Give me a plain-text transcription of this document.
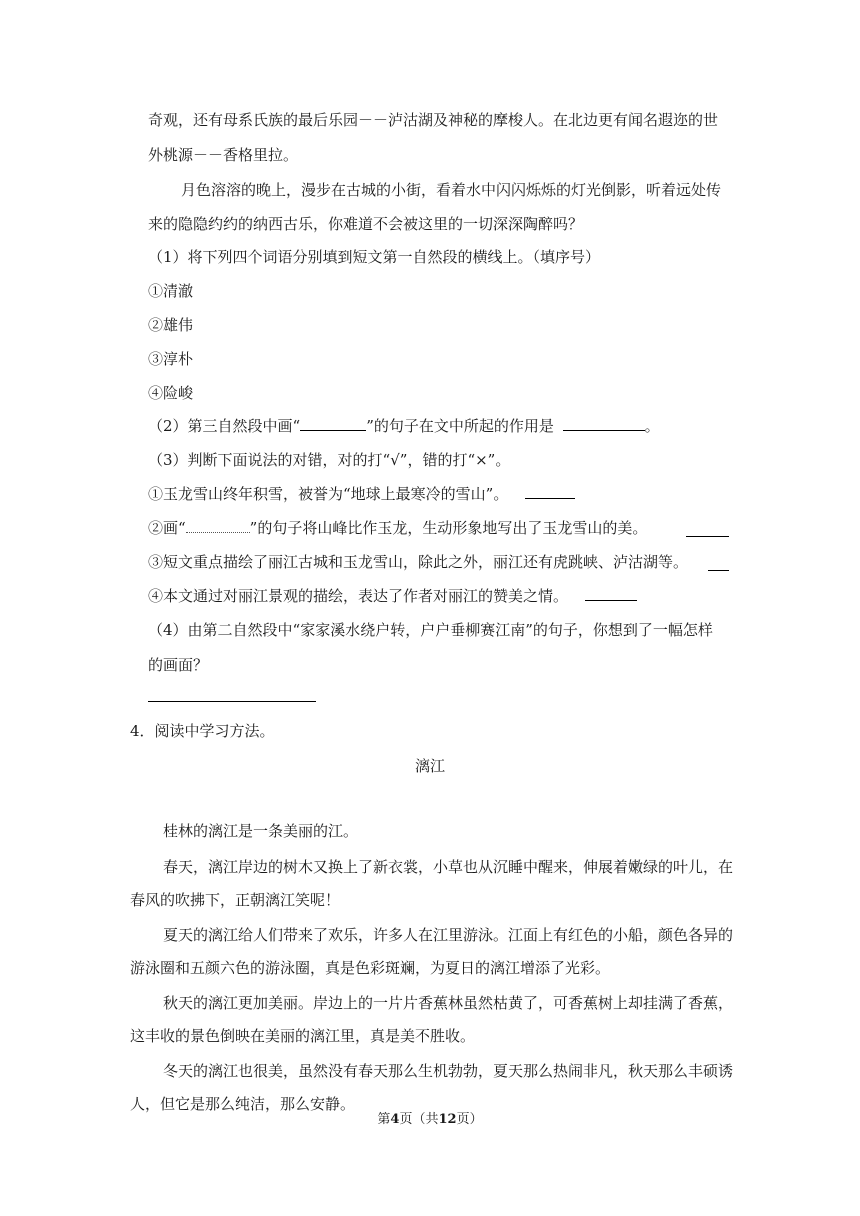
奇观，还有母系氏族的最后乐园－－泸沽湖及神秘的摩梭人。在北边更有闻名遐迩的世
外桃源－－香格里拉。
月色溶溶的晚上，漫步在古城的小街，看着水中闪闪烁烁的灯光倒影，听着远处传
来的隐隐约约的纳西古乐，你难道不会被这里的一切深深陶醉吗？
（1）将下列四个词语分别填到短文第一自然段的横线上。（填序号）
①清澈
②雄伟
③淳朴
④险峻
（2）第三自然段中画“	”的句子在文中所起的作用是	。
（3）判断下面说法的对错，对的打“√”，错的打“×”。
①玉龙雪山终年积雪，被誉为“地球上最寒冷的雪山”。
②画“	”的句子将山峰比作玉龙，生动形象地写出了玉龙雪山的美。
③短文重点描绘了丽江古城和玉龙雪山，除此之外，丽江还有虎跳峡、泸沽湖等。
④本文通过对丽江景观的描绘，表达了作者对丽江的赞美之情。
（4）由第二自然段中“家家溪水绕户转，户户垂柳赛江南”的句子，你想到了一幅怎样
的画面？
4．阅读中学习方法。
漓江
桂林的漓江是一条美丽的江。
春天，漓江岸边的树木又换上了新衣裳，小草也从沉睡中醒来，伸展着嫩绿的叶儿，在
春风的吹拂下，正朝漓江笑呢！
夏天的漓江给人们带来了欢乐，许多人在江里游泳。江面上有红色的小船，颜色各异的
游泳圈和五颜六色的游泳圈，真是色彩斑斓，为夏日的漓江增添了光彩。
秋天的漓江更加美丽。岸边上的一片片香蕉林虽然枯黄了，可香蕉树上却挂满了香蕉，
这丰收的景色倒映在美丽的漓江里，真是美不胜收。
冬天的漓江也很美，虽然没有春天那么生机勃勃，夏天那么热闹非凡，秋天那么丰硕诱
人，但它是那么纯洁，那么安静。
第4页（共12页）
